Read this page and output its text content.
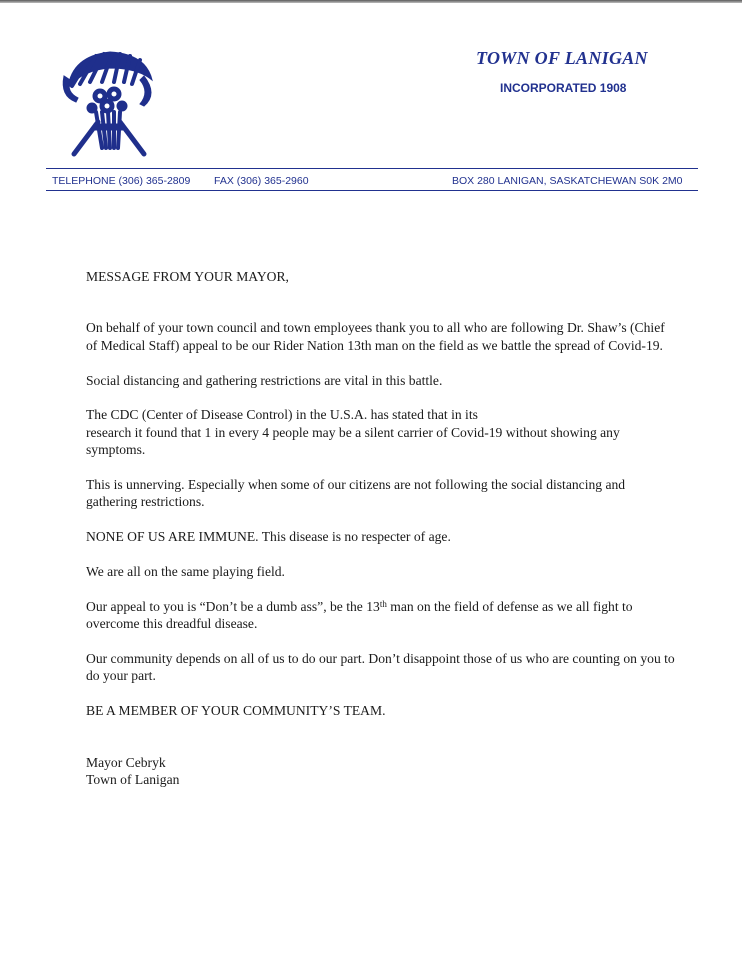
TOWN OF LANIGAN
INCORPORATED 1908
TELEPHONE (306) 365-2809 FAX (306) 365-2960	BOX 280 LANIGAN, SASKATCHEWAN S0K 2M0

MESSAGE FROM YOUR MAYOR,

On behalf of your town council and town employees thank you to all who are following Dr. Shaw’s (Chief of Medical Staff) appeal to be our Rider Nation 13th man on the field as we battle the spread of Covid-19.

Social distancing and gathering restrictions are vital in this battle.

The CDC (Center of Disease Control) in the U.S.A. has stated that in its
research it found that 1 in every 4 people may be a silent carrier of Covid-19 without showing any symptoms.

This is unnerving. Especially when some of our citizens are not following the social distancing and gathering restrictions.

NONE OF US ARE IMMUNE. This disease is no respecter of age.

We are all on the same playing field.

Our appeal to you is “Don’t be a dumb ass”, be the 13th man on the field of defense as we all fight to overcome this dreadful disease.

Our community depends on all of us to do our part. Don’t disappoint those of us who are counting on you to do your part.

BE A MEMBER OF YOUR COMMUNITY’S TEAM.

Mayor Cebryk

Town of Lanigan
